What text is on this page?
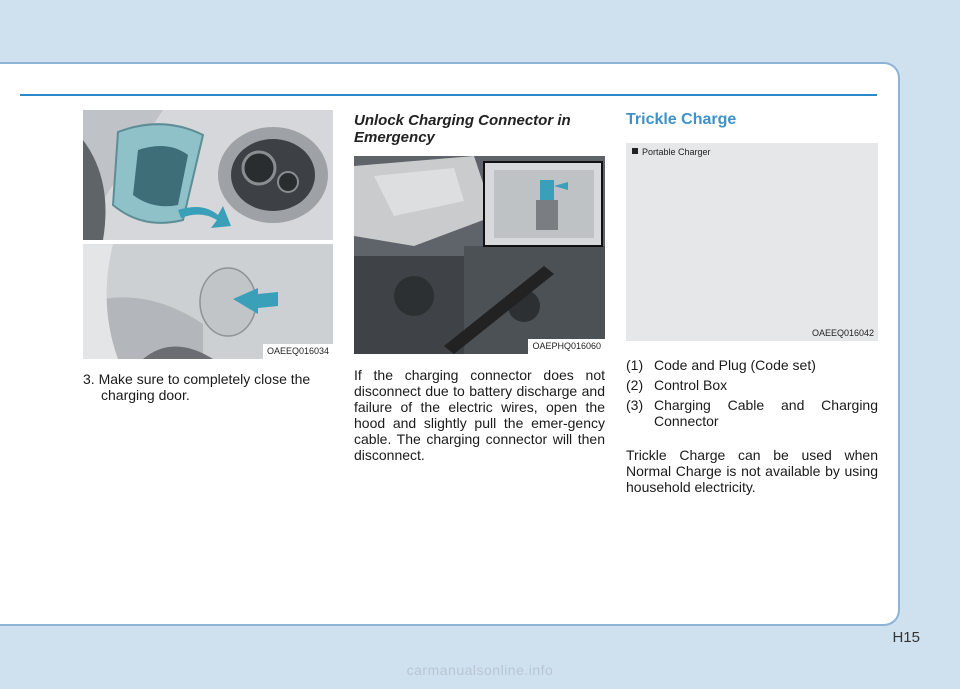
OAEEQ016034

3. Make sure to completely close the charging door.

Unlock Charging Connector in Emergency
OAEPHQ016060

If the charging connector does not disconnect due to battery discharge and failure of the electric wires, open the hood and slightly pull the emer-gency cable. The charging connector will then disconnect.

Trickle Charge
Portable Charger
OAEEQ016042
(1) Code and Plug (Code set)
(2) Control Box
(3) Charging Cable and Charging Connector

Trickle Charge can be used when Normal Charge is not available by using household electricity.

H15
carmanualsonline.info
